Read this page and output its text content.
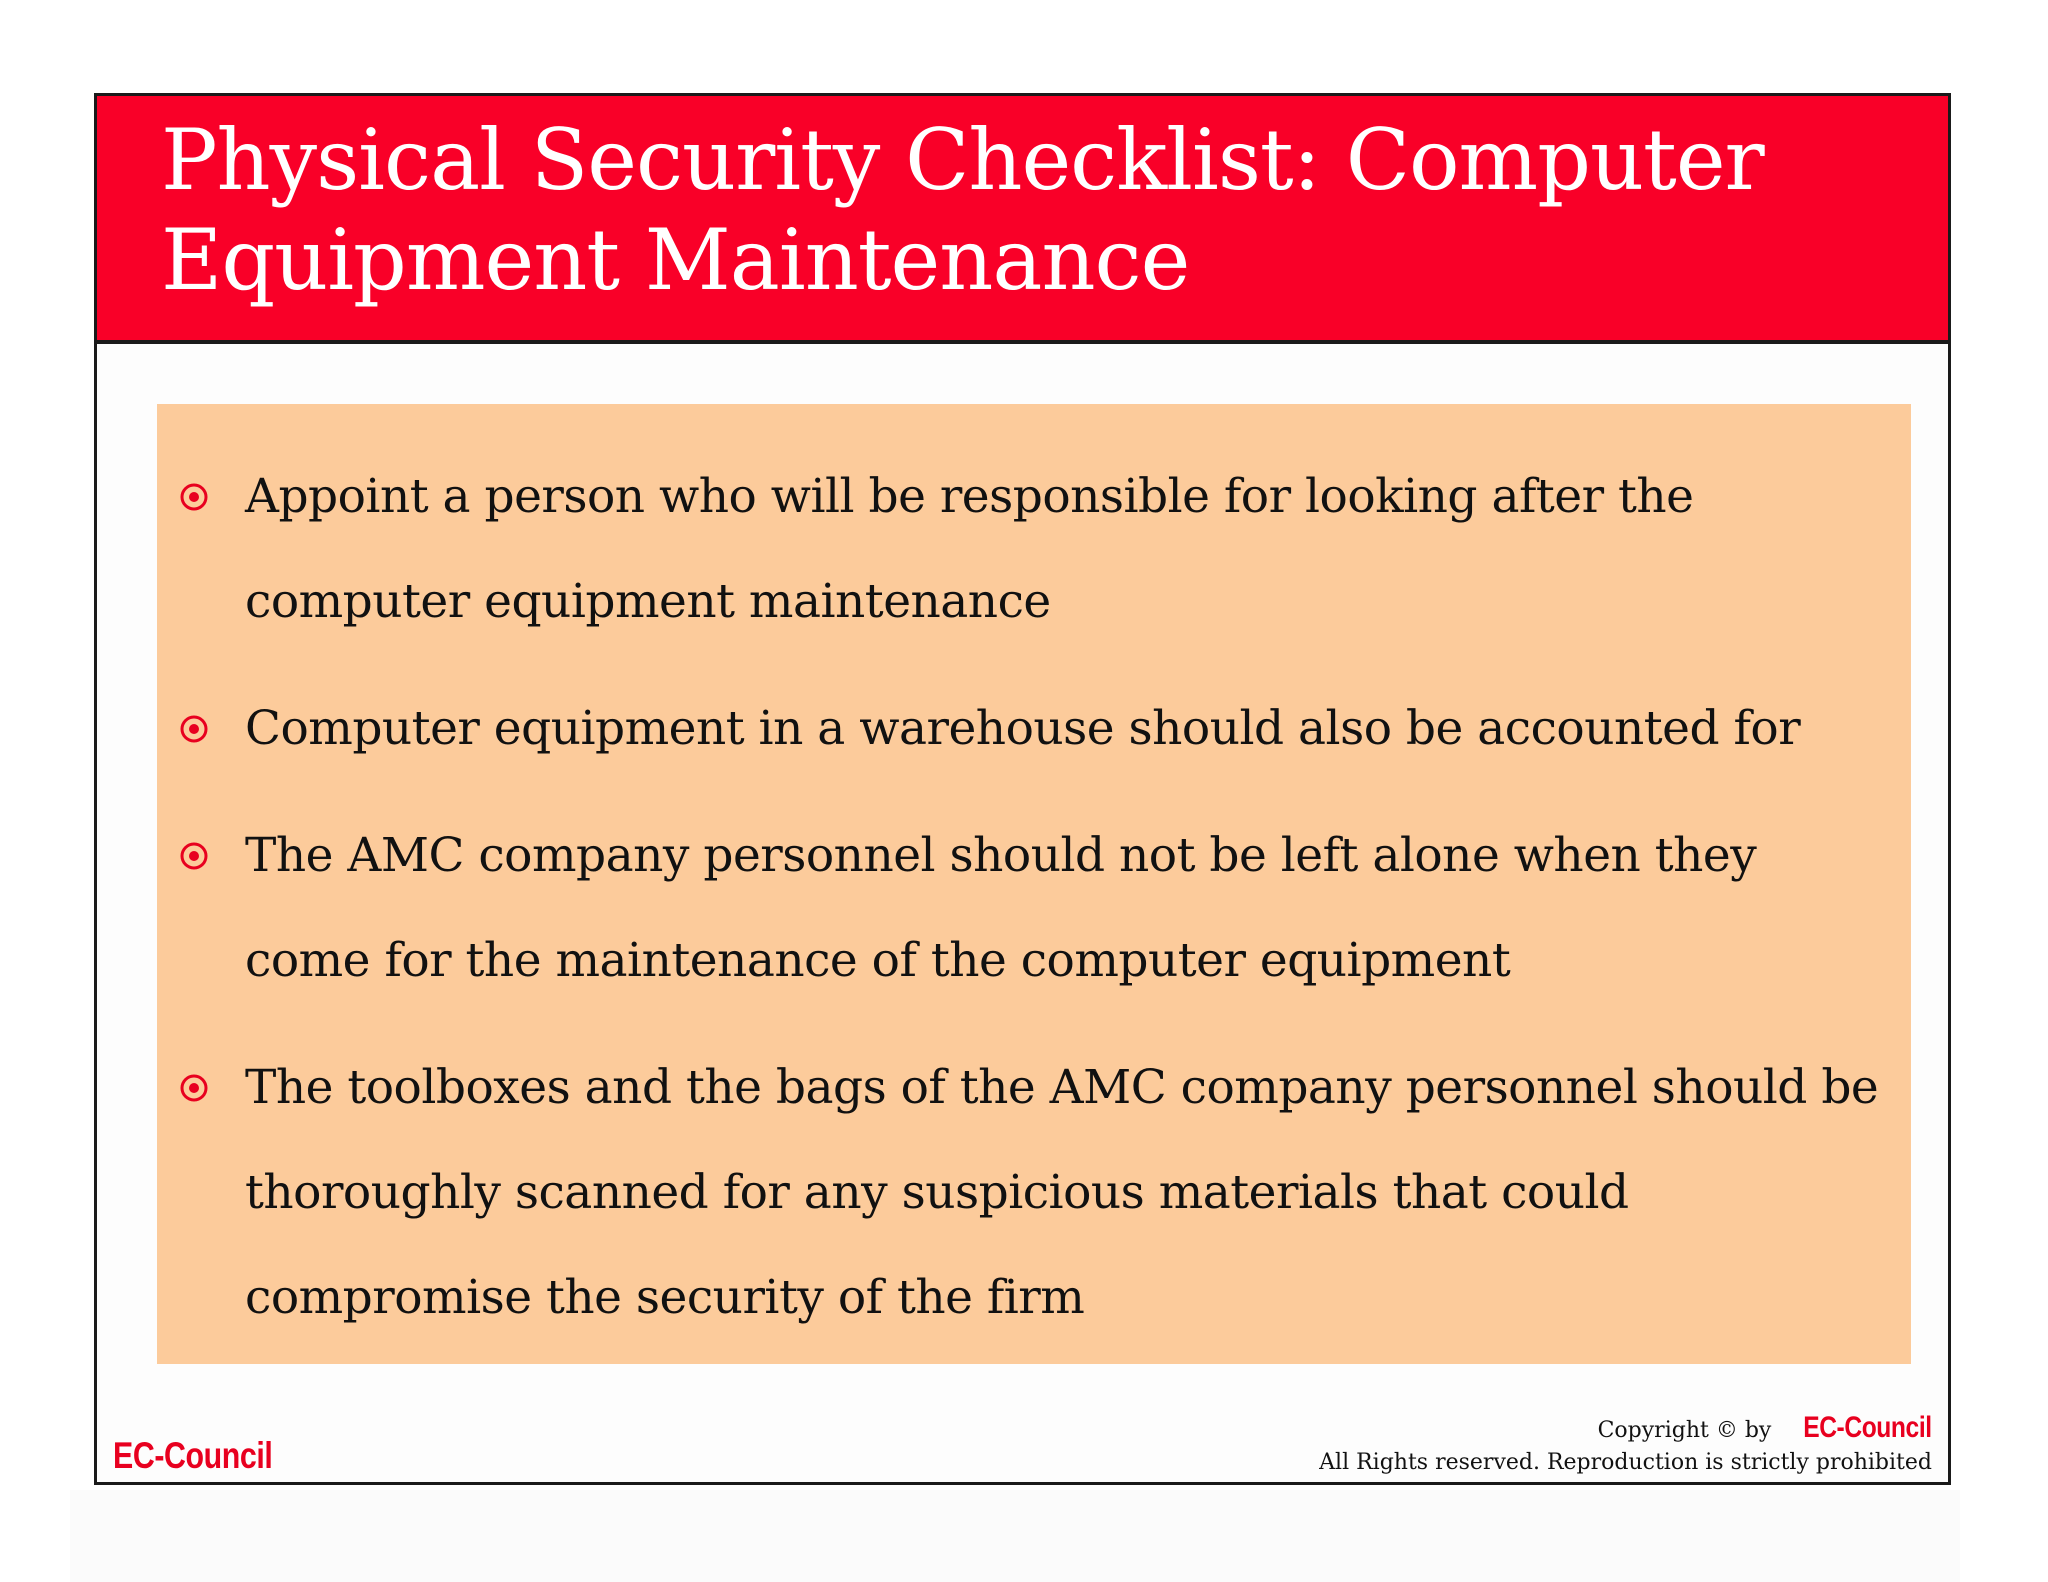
Physical Security Checklist: Computer Equipment Maintenance
Appoint a person who will be responsible for looking after the computer equipment maintenance
Computer equipment in a warehouse should also be accounted for
The AMC company personnel should not be left alone when they come for the maintenance of the computer equipment
The toolboxes and the bags of the AMC company personnel should be thoroughly scanned for any suspicious materials that could compromise the security of the firm
EC-Council
Copyright © by EC-Council
All Rights reserved. Reproduction is strictly prohibited
